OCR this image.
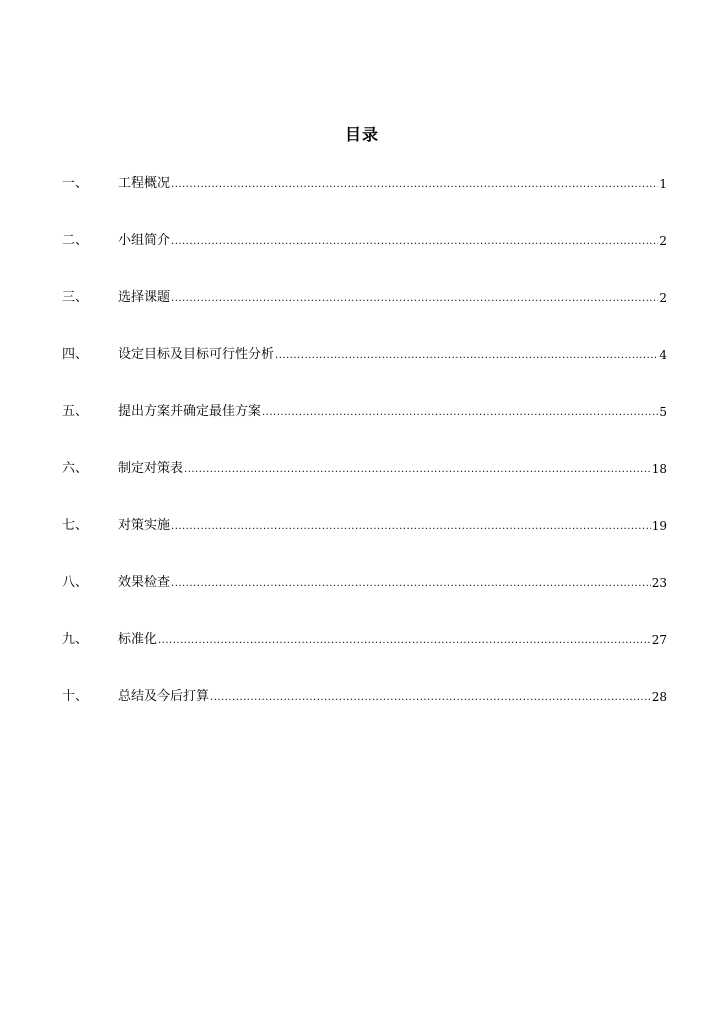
目录
一、	工程概况 .....	1
二、	小组简介 .....	2
三、	选择课题 .....	2
四、	设定目标及目标可行性分析 .....	4
五、	提出方案并确定最佳方案 .....	5
六、	制定对策表 .....	18
七、	对策实施 .....	19
八、	效果检查 .....	23
九、	标准化 .....	27
十、	总结及今后打算 .....	28
